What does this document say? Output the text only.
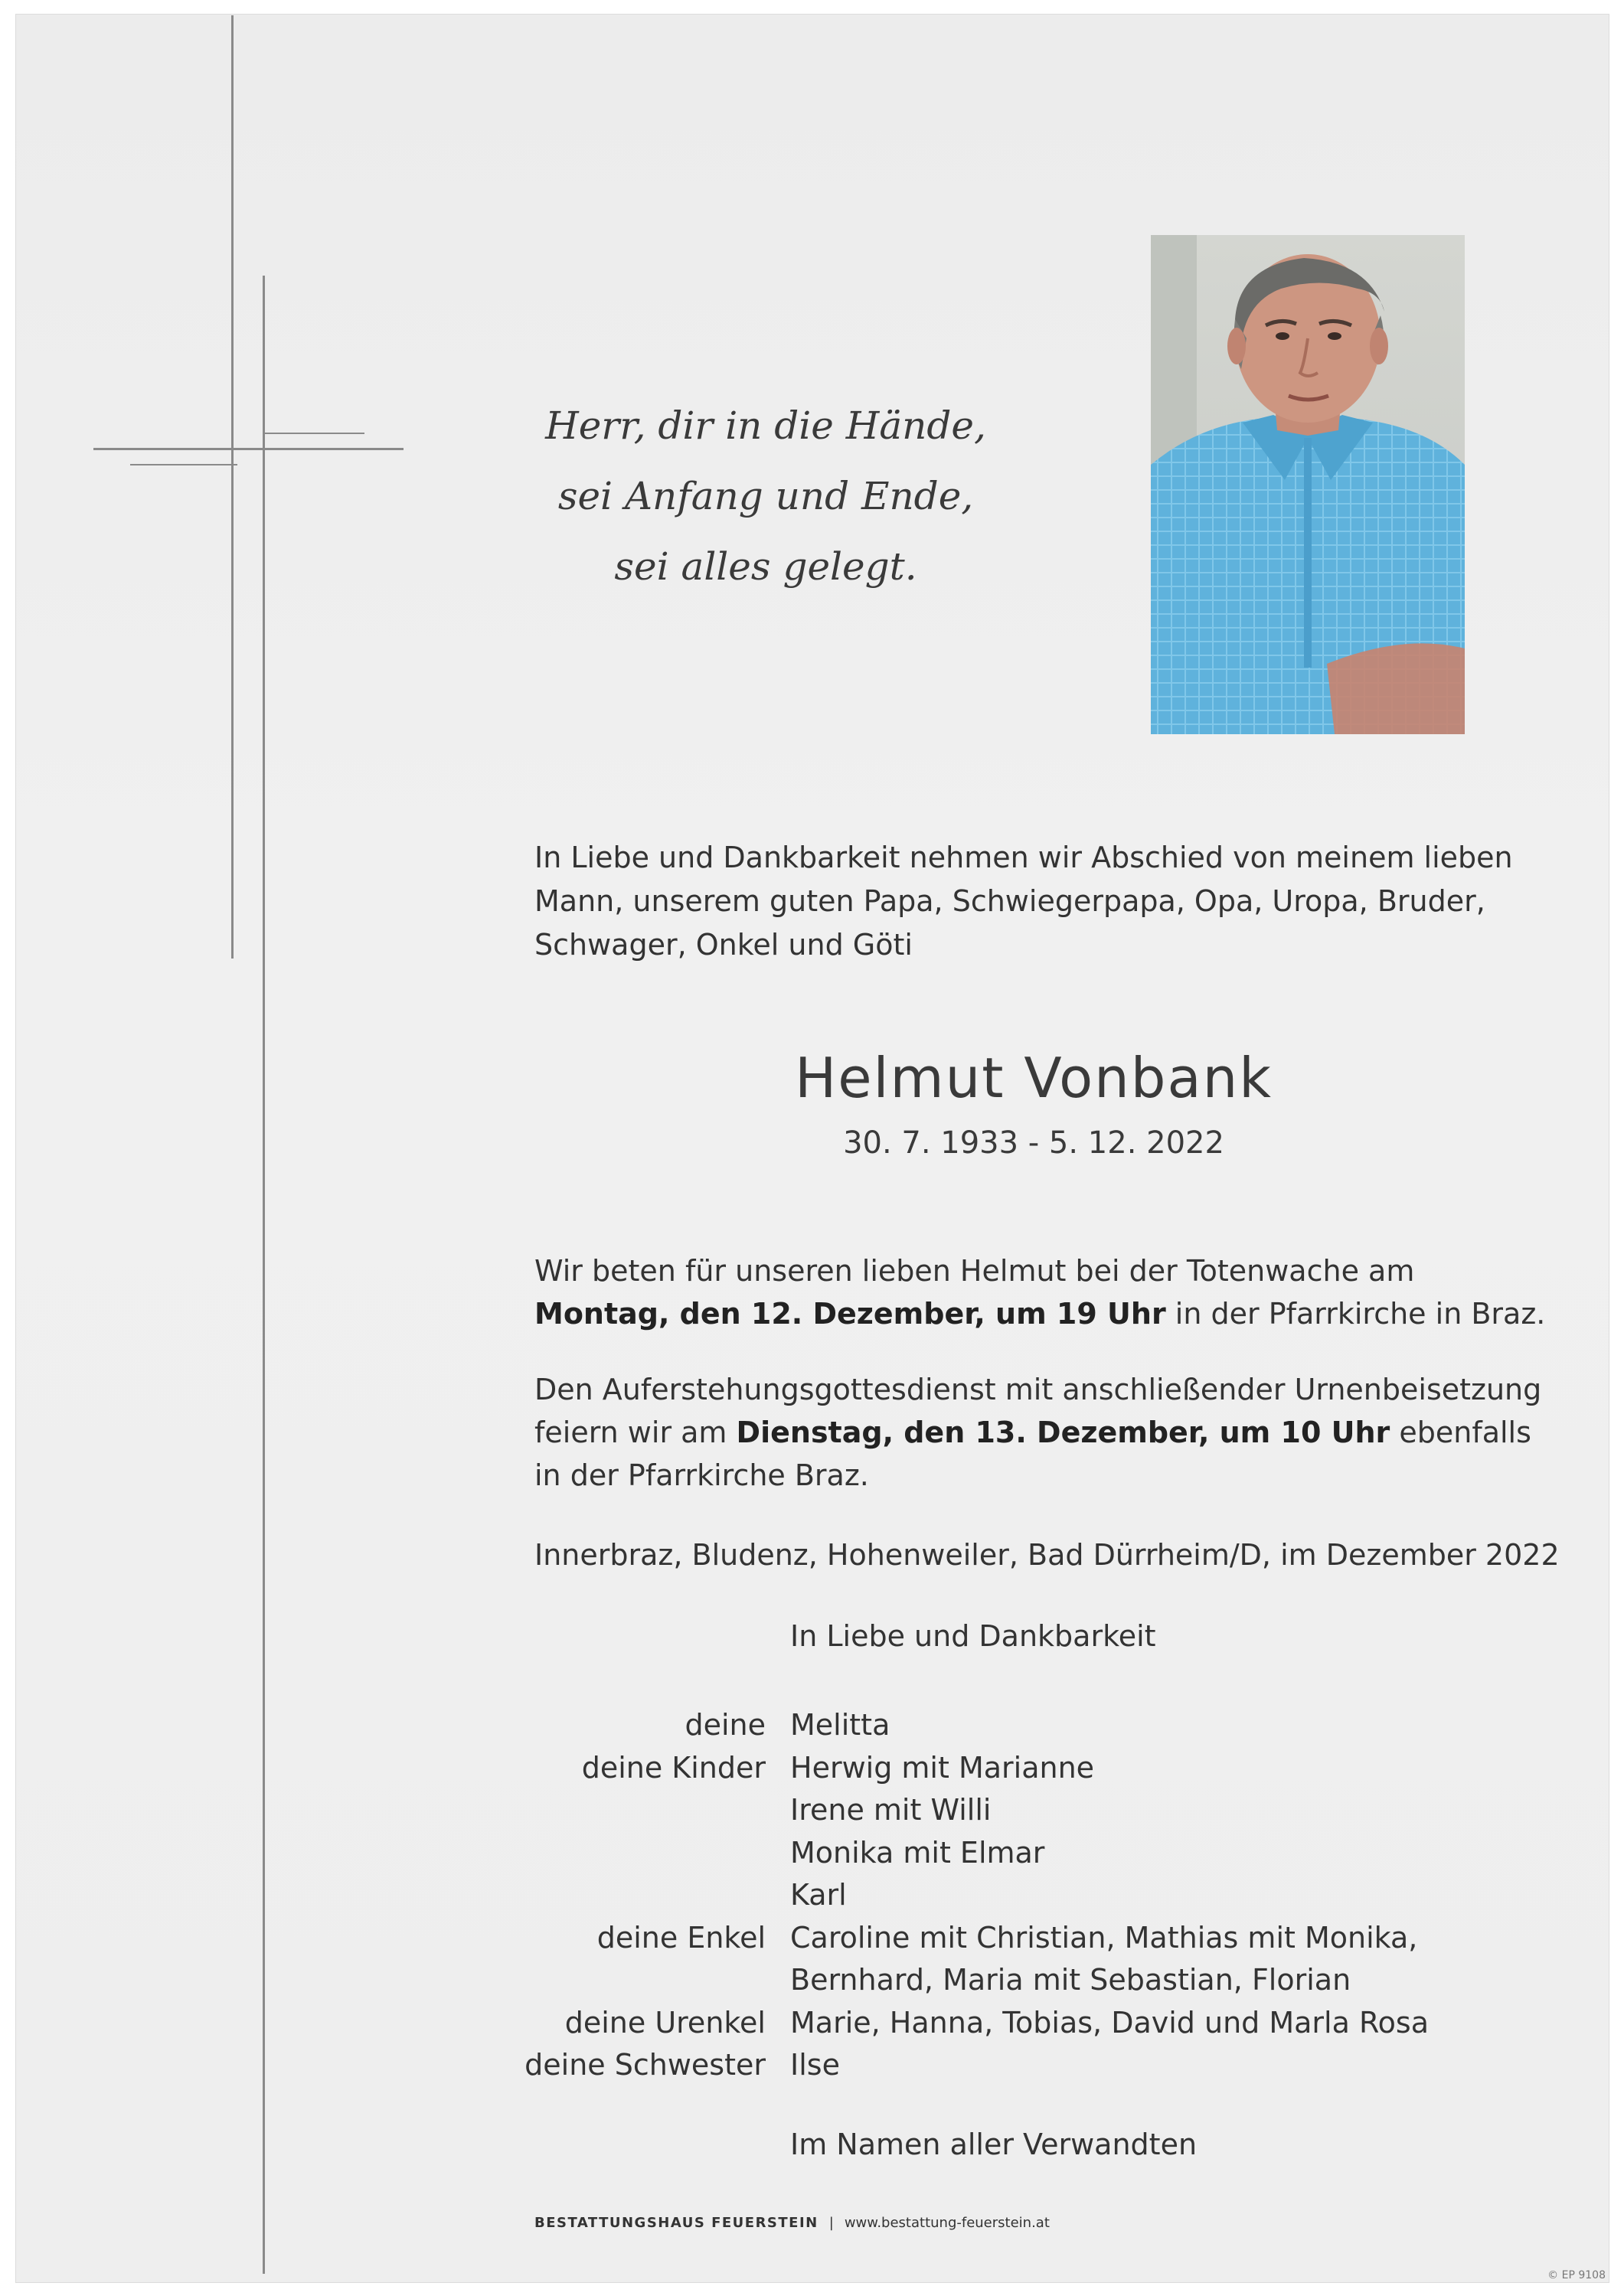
Herr, dir in die Hände,
sei Anfang und Ende,
sei alles gelegt.
In Liebe und Dankbarkeit nehmen wir Abschied von meinem lieben
Mann, unserem guten Papa, Schwiegerpapa, Opa, Uropa, Bruder,
Schwager, Onkel und Göti
Helmut Vonbank
30. 7. 1933 - 5. 12. 2022
Wir beten für unseren lieben Helmut bei der Totenwache am
Montag, den 12. Dezember, um 19 Uhr in der Pfarrkirche in Braz.
Den Auferstehungsgottesdienst mit anschließender Urnenbeisetzung
feiern wir am Dienstag, den 13. Dezember, um 10 Uhr ebenfalls
in der Pfarrkirche Braz.
Innerbraz, Bludenz, Hohenweiler, Bad Dürrheim/D, im Dezember 2022
In Liebe und Dankbarkeit
deine Melitta
deine Kinder Herwig mit Marianne
Irene mit Willi
Monika mit Elmar
Karl
deine Enkel Caroline mit Christian, Mathias mit Monika,
Bernhard, Maria mit Sebastian, Florian
deine Urenkel Marie, Hanna, Tobias, David und Marla Rosa
deine Schwester Ilse
Im Namen aller Verwandten
BESTATTUNGSHAUS FEUERSTEIN | www.bestattung-feuerstein.at
© EP 9108
